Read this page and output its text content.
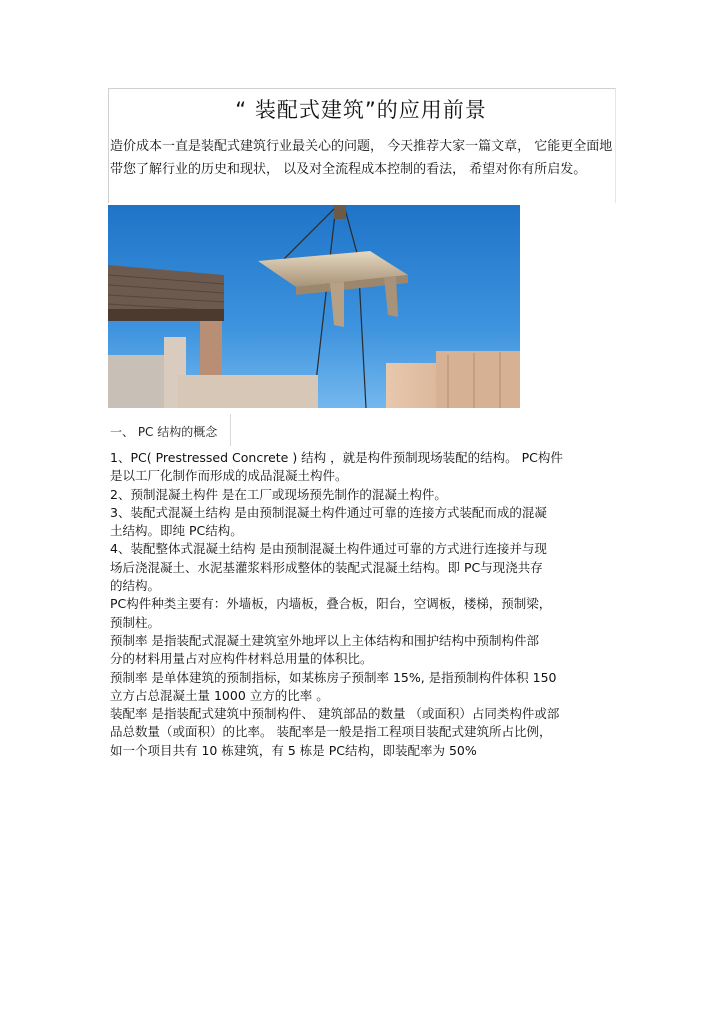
“ 装配式建筑”的应用前景

造价成本一直是装配式建筑行业最关心的问题， 今天推荐大家一篇文章， 它能更全面地带您了解行业的历史和现状， 以及对全流程成本控制的看法， 希望对你有所启发。

一、 PC 结构的概念

1、PC( Prestressed Concrete ) 结构 ，就是构件预制现场装配的结构。 PC构件

是以工厂化制作而形成的成品混凝土构件。

2、预制混凝土构件 是在工厂或现场预先制作的混凝土构件。

3、装配式混凝土结构 是由预制混凝土构件通过可靠的连接方式装配而成的混凝

土结构。即纯 PC结构。

4、装配整体式混凝土结构 是由预制混凝土构件通过可靠的方式进行连接并与现

场后浇混凝土、水泥基灌浆料形成整体的装配式混凝土结构。即 PC与现浇共存

的结构。

PC构件种类主要有：外墙板，内墙板，叠合板，阳台，空调板，楼梯，预制梁，

预制柱。

预制率 是指装配式混凝土建筑室外地坪以上主体结构和围护结构中预制构件部

分的材料用量占对应构件材料总用量的体积比。

预制率 是单体建筑的预制指标，如某栋房子预制率 15%, 是指预制构件体积 150

立方占总混凝土量 1000 立方的比率 。

装配率 是指装配式建筑中预制构件、 建筑部品的数量 （或面积）占同类构件或部

品总数量（或面积）的比率。 装配率是一般是指工程项目装配式建筑所占比例，

如一个项目共有 10 栋建筑，有 5 栋是 PC结构，即装配率为 50%
